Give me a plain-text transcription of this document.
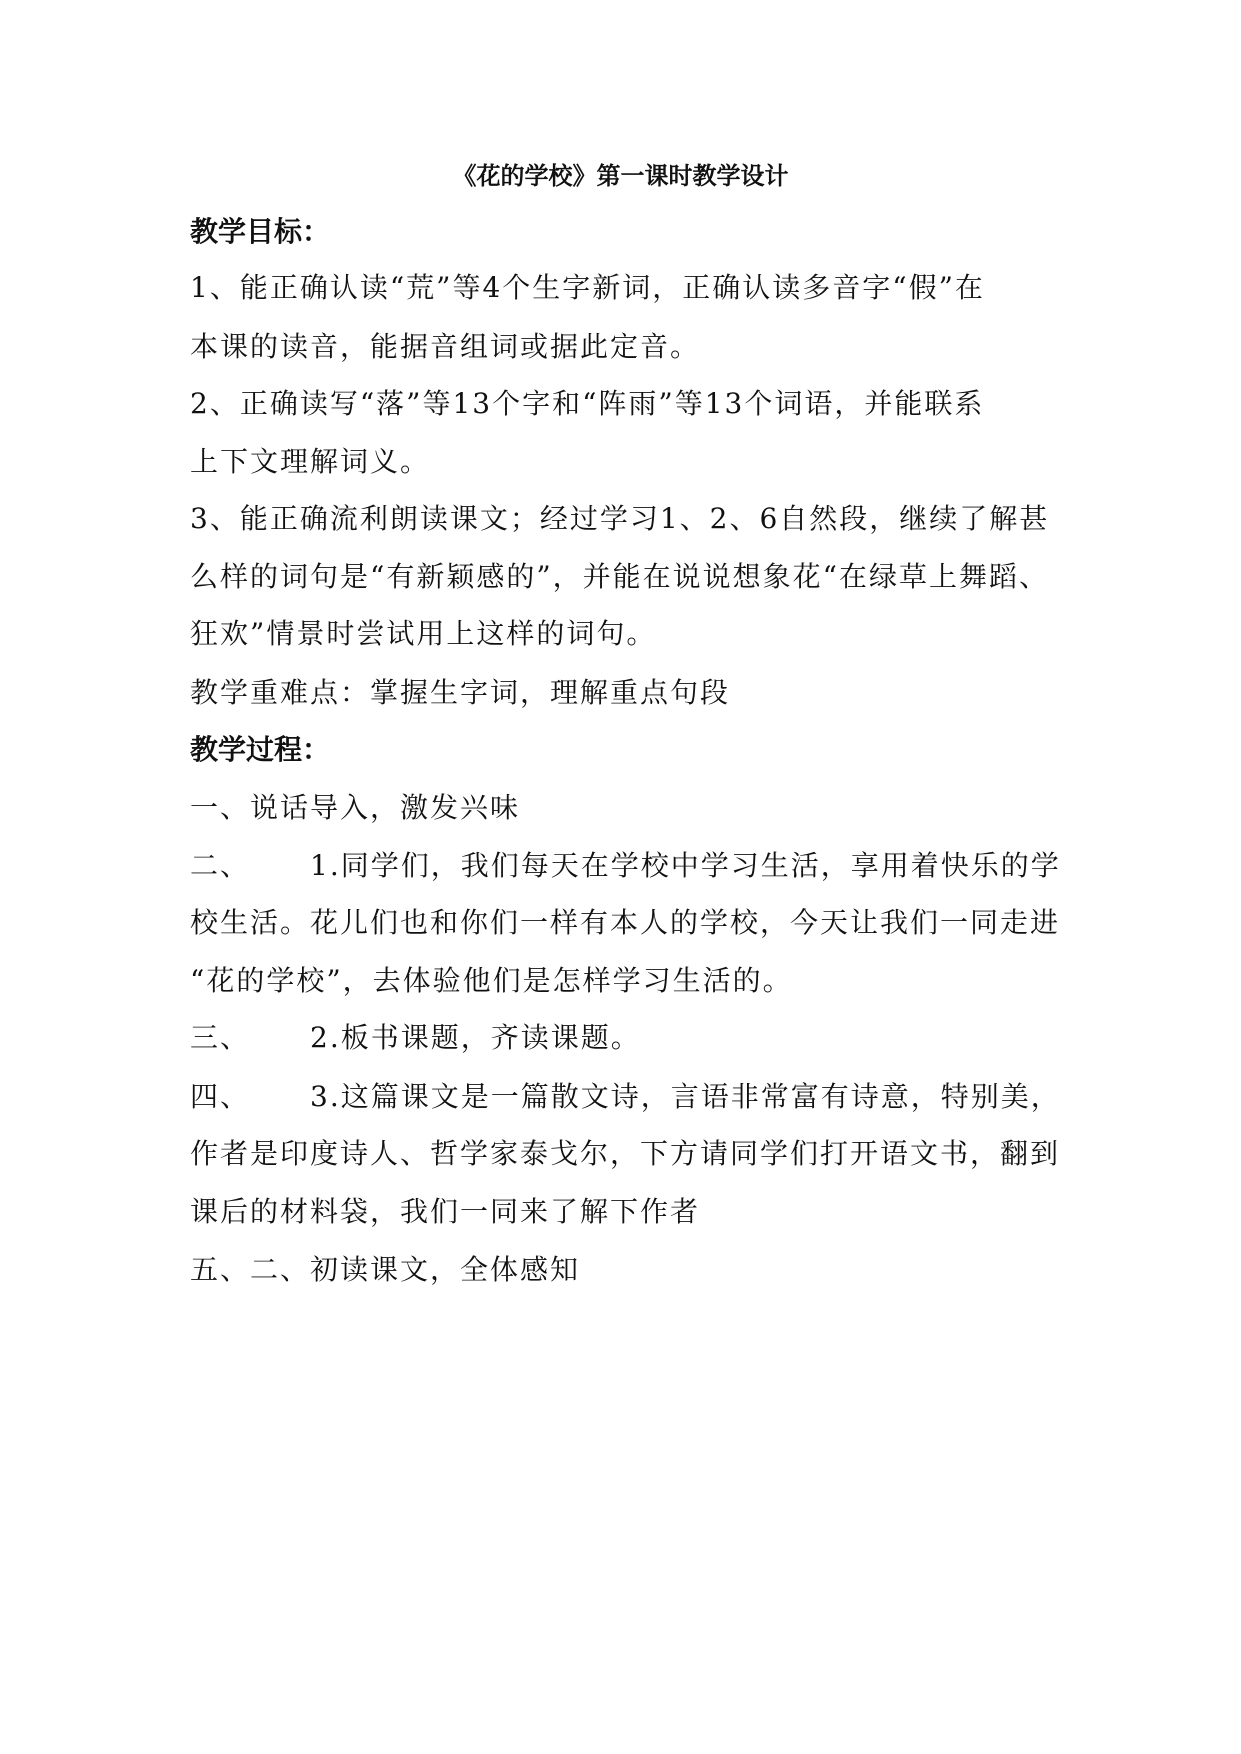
《花的学校》第一课时教学设计
教学目标：
1、能正确认读“荒”等4个生字新词，正确认读多音字“假”在
本课的读音，能据音组词或据此定音。
2、正确读写“落”等13个字和“阵雨”等13个词语，并能联系
上下文理解词义。
3、能正确流利朗读课文；经过学习1、2、6自然段，继续了解甚
么样的词句是“有新颖感的”，并能在说说想象花“在绿草上舞蹈、
狂欢”情景时尝试用上这样的词句。
教学重难点：掌握生字词，理解重点句段
教学过程：
一、说话导入，激发兴味
二、 1.同学们，我们每天在学校中学习生活，享用着快乐的学
校生活。花儿们也和你们一样有本人的学校，今天让我们一同走进
“花的学校”，去体验他们是怎样学习生活的。
三、 2.板书课题，齐读课题。
四、 3.这篇课文是一篇散文诗，言语非常富有诗意，特别美，
作者是印度诗人、哲学家泰戈尔，下方请同学们打开语文书，翻到
课后的材料袋，我们一同来了解下作者
五、二、初读课文，全体感知
